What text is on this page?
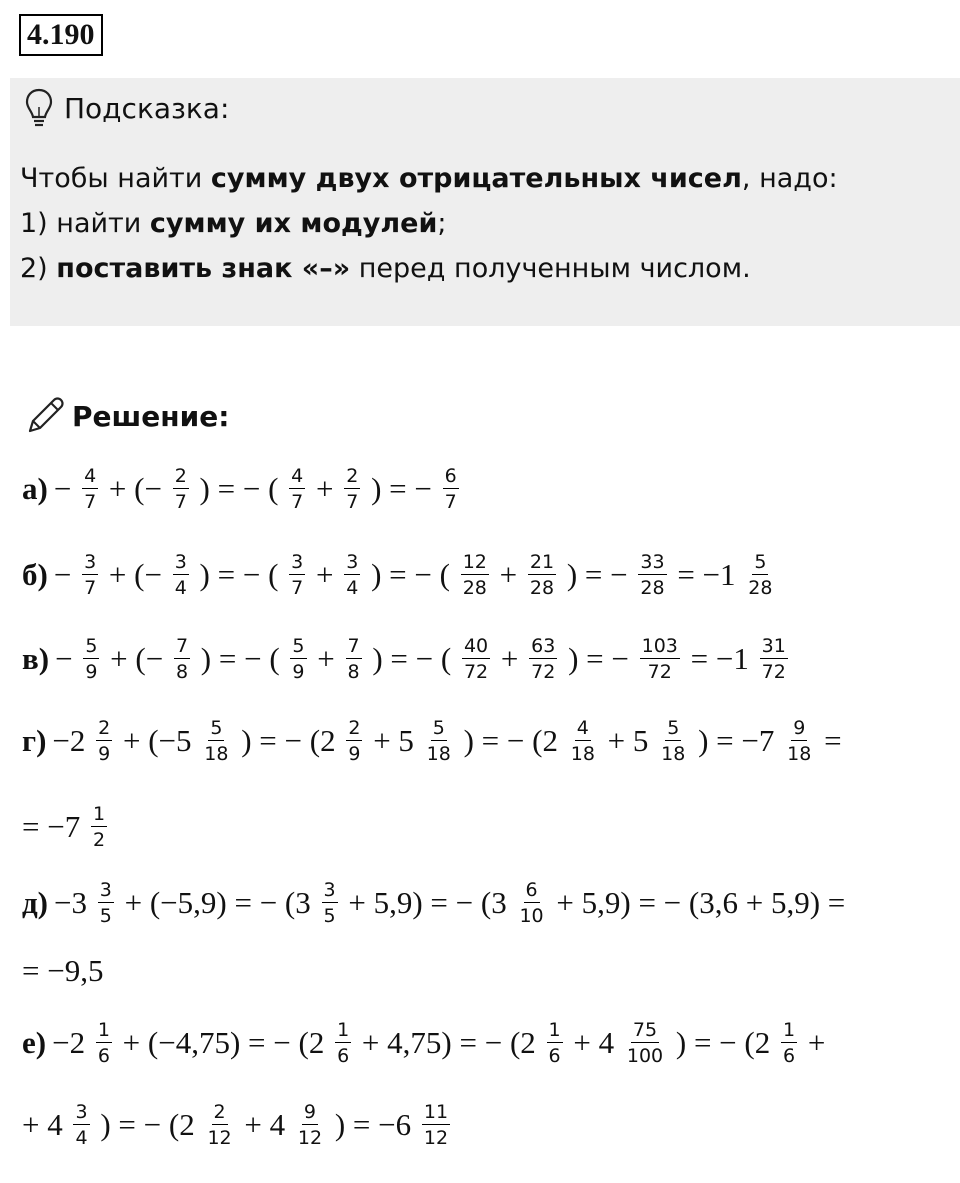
4.190
Подсказка:

Чтобы найти сумму двух отрицательных чисел, надо:

1) найти сумму их модулей;

2) поставить знак «–» перед полученным числом.

Решение:
$а) - \frac{4}{7}$ + (− $\frac{2}{7}$ ) = − ( $\frac{4}{7} + \frac{2}{7}$ ) = − $\frac{6}{7}$
$б) - \frac{3}{7}$ + (− $\frac{3}{4}$ ) = − ( $\frac{3}{7} + \frac{3}{4}$ ) = − ( $\frac{12}{28} + \frac{21}{28}$ ) = − $\frac{33}{28} = -1 \frac{5}{28}$
$в) - \frac{5}{9}$ + (− $\frac{7}{8}$ ) = − ( $\frac{5}{9} + \frac{7}{8}$ ) = − ( $\frac{40}{72} + \frac{63}{72}$ ) = − $\frac{103}{72} = -1 \frac{31}{72}$
$г) -2 \frac{2}{9} + (-5 \frac{5}{18}$ ) = − ($2 \frac{2}{9} + 5 \frac{5}{18}$ ) = − ($2 \frac{4}{18} + 5 \frac{5}{18}$ ) = $-7 \frac{9}{18}$ =
= $-7 \frac{1}{2}$
$д) -3 \frac{3}{5} + (-5,9)$ = − $(3 \frac{3}{5} + 5,9)$ = − $(3 \frac{6}{10} + 5,9)$ = − (3,6 + 5,9) =
= −9,5
$е) -2 \frac{1}{6} + (-4,75)$ = − $(2 \frac{1}{6} + 4,75)$ = − ($2 \frac{1}{6} + 4 \frac{75}{100}$ ) = − ($2 \frac{1}{6}$ +
+ $4 \frac{3}{4}$ ) = − ($2 \frac{2}{12} + 4 \frac{9}{12}$ ) = $-6 \frac{11}{12}$
